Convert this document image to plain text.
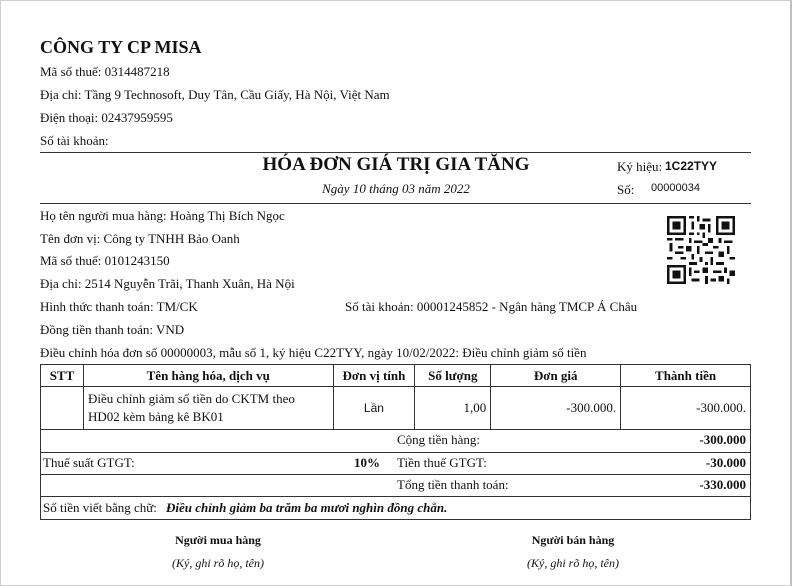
CÔNG TY CP MISA
Mã số thuế: 0314487218
Địa chỉ: Tầng 9 Technosoft, Duy Tân, Cầu Giấy, Hà Nội, Việt Nam
Điện thoại: 02437959595
Số tài khoản:
HÓA ĐƠN GIÁ TRỊ GIA TĂNG
Ngày 10 tháng 03 năm 2022
Ký hiệu: 1C22TYY
Số: 00000034
Họ tên người mua hàng: Hoàng Thị Bích Ngọc
Tên đơn vị: Công ty TNHH Bảo Oanh
Mã số thuế: 0101243150
Địa chỉ: 2514 Nguyễn Trãi, Thanh Xuân, Hà Nội
Hình thức thanh toán: TM/CK	Số tài khoản: 00001245852 - Ngân hàng TMCP Á Châu
Đồng tiền thanh toán: VND
Điều chỉnh hóa đơn số 00000003, mẫu số 1, ký hiệu C22TYY, ngày 10/02/2022: Điều chỉnh giảm số tiền
STT	Tên hàng hóa, dịch vụ	Đơn vị tính	Số lượng	Đơn giá	Thành tiền
	Điều chỉnh giảm số tiền do CKTM theo HD02 kèm bảng kê BK01	Lần	1,00	-300.000.	-300.000.
Cộng tiền hàng:	-300.000
Thuế suất GTGT:	10% Tiền thuế GTGT:	-30.000
Tổng tiền thanh toán:	-330.000
Số tiền viết bằng chữ: Điều chỉnh giảm ba trăm ba mươi nghìn đồng chẵn.
Người mua hàng
(Ký, ghi rõ họ, tên)
Người bán hàng
(Ký, ghi rõ họ, tên)
